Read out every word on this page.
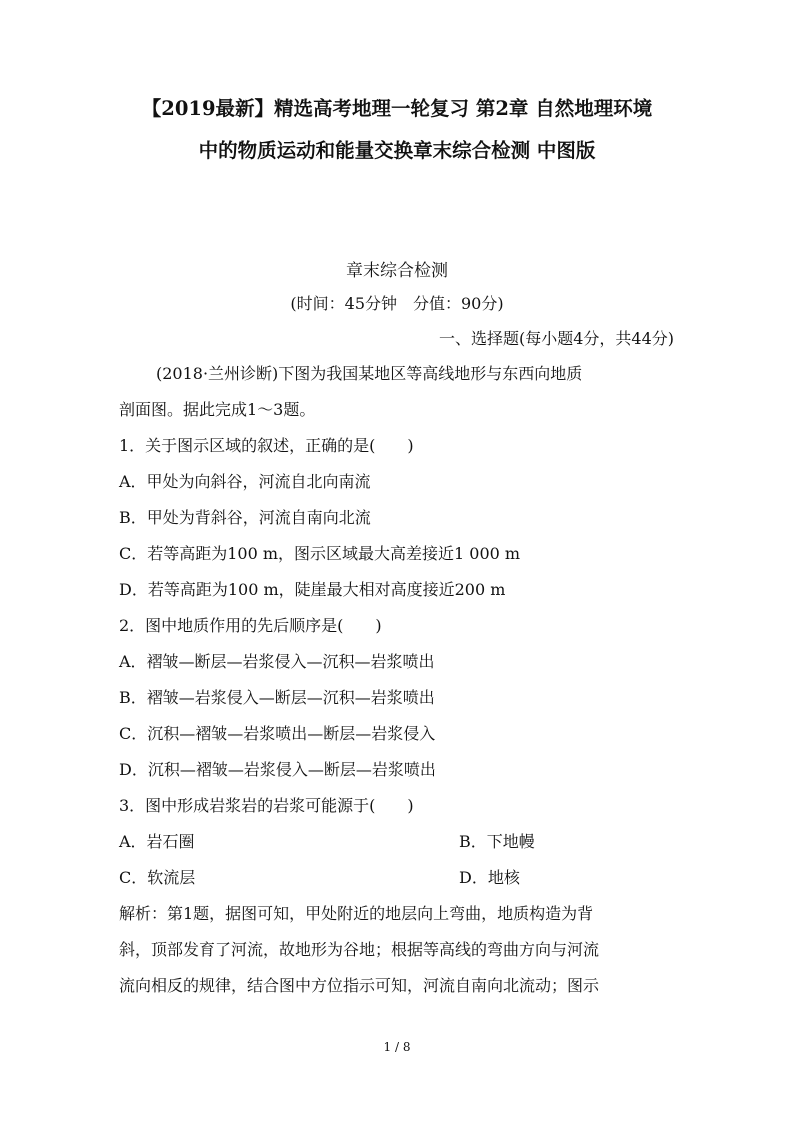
【2019最新】精选高考地理一轮复习 第2章 自然地理环境
中的物质运动和能量交换章末综合检测 中图版
章末综合检测
(时间：45分钟　分值：90分)
一、选择题(每小题4分，共44分)
(2018·兰州诊断)下图为我国某地区等高线地形与东西向地质
剖面图。据此完成1～3题。
1．关于图示区域的叙述，正确的是(　　)
A．甲处为向斜谷，河流自北向南流
B．甲处为背斜谷，河流自南向北流
C．若等高距为100 m，图示区域最大高差接近1 000 m
D．若等高距为100 m，陡崖最大相对高度接近200 m
2．图中地质作用的先后顺序是(　　)
A．褶皱—断层—岩浆侵入—沉积—岩浆喷出
B．褶皱—岩浆侵入—断层—沉积—岩浆喷出
C．沉积—褶皱—岩浆喷出—断层—岩浆侵入
D．沉积—褶皱—岩浆侵入—断层—岩浆喷出
3．图中形成岩浆岩的岩浆可能源于(　　)
A．岩石圈	B．下地幔
C．软流层	D．地核
解析：第1题，据图可知，甲处附近的地层向上弯曲，地质构造为背
斜，顶部发育了河流，故地形为谷地；根据等高线的弯曲方向与河流
流向相反的规律，结合图中方位指示可知，河流自南向北流动；图示
1 / 8
